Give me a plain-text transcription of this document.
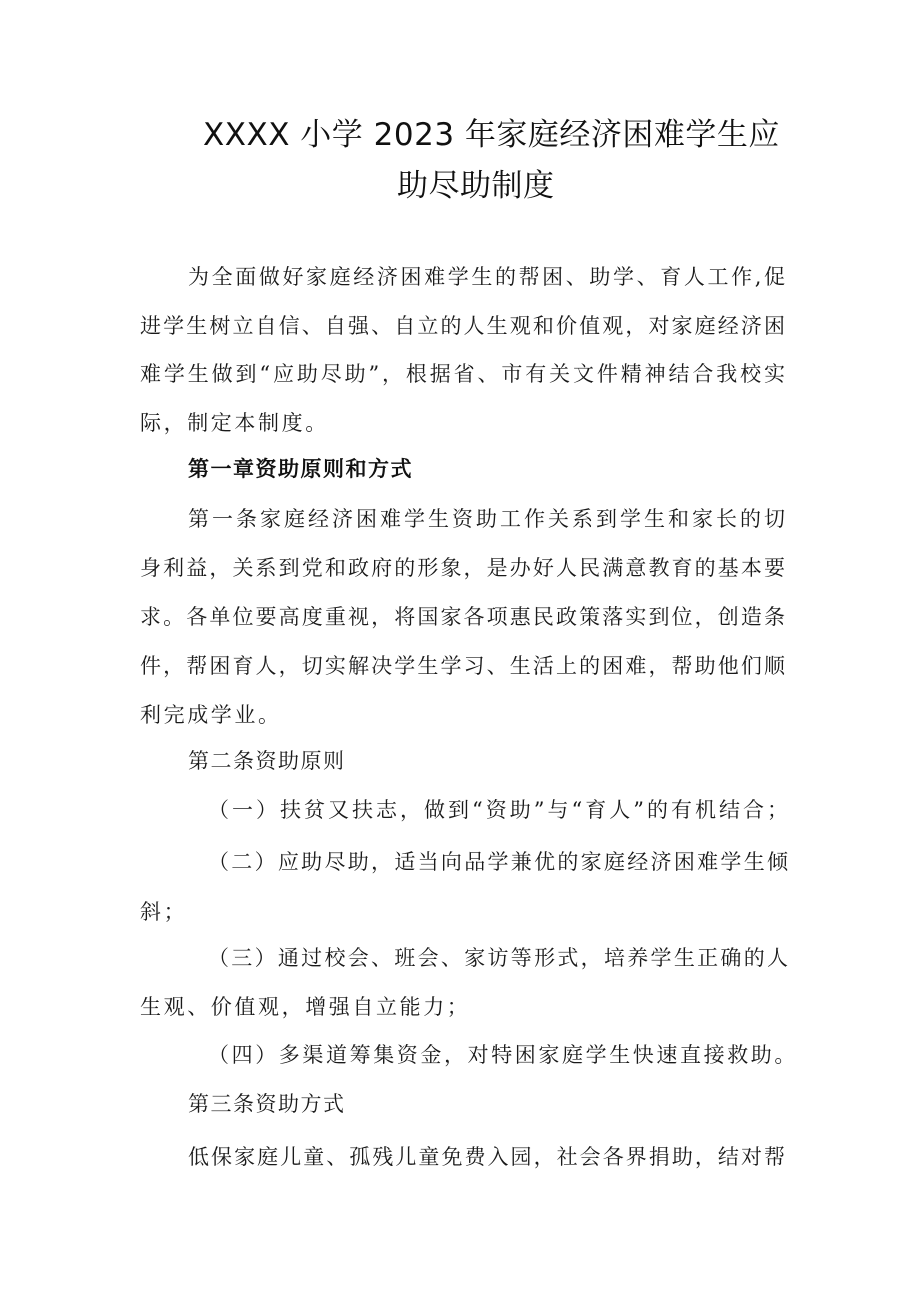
XXXX 小学 2023 年家庭经济困难学生应
助尽助制度
为全面做好家庭经济困难学生的帮困、助学、育人工作,促
进学生树立自信、自强、自立的人生观和价值观，对家庭经济困
难学生做到“应助尽助”，根据省、市有关文件精神结合我校实
际，制定本制度。
第一章资助原则和方式
第一条家庭经济困难学生资助工作关系到学生和家长的切
身利益，关系到党和政府的形象，是办好人民满意教育的基本要
求。各单位要高度重视，将国家各项惠民政策落实到位，创造条
件，帮困育人，切实解决学生学习、生活上的困难，帮助他们顺
利完成学业。
第二条资助原则
（一）扶贫又扶志，做到“资助”与“育人”的有机结合；
（二）应助尽助，适当向品学兼优的家庭经济困难学生倾
斜；
（三）通过校会、班会、家访等形式，培养学生正确的人
生观、价值观，增强自立能力；
（四）多渠道筹集资金，对特困家庭学生快速直接救助。
第三条资助方式
低保家庭儿童、孤残儿童免费入园，社会各界捐助，结对帮
